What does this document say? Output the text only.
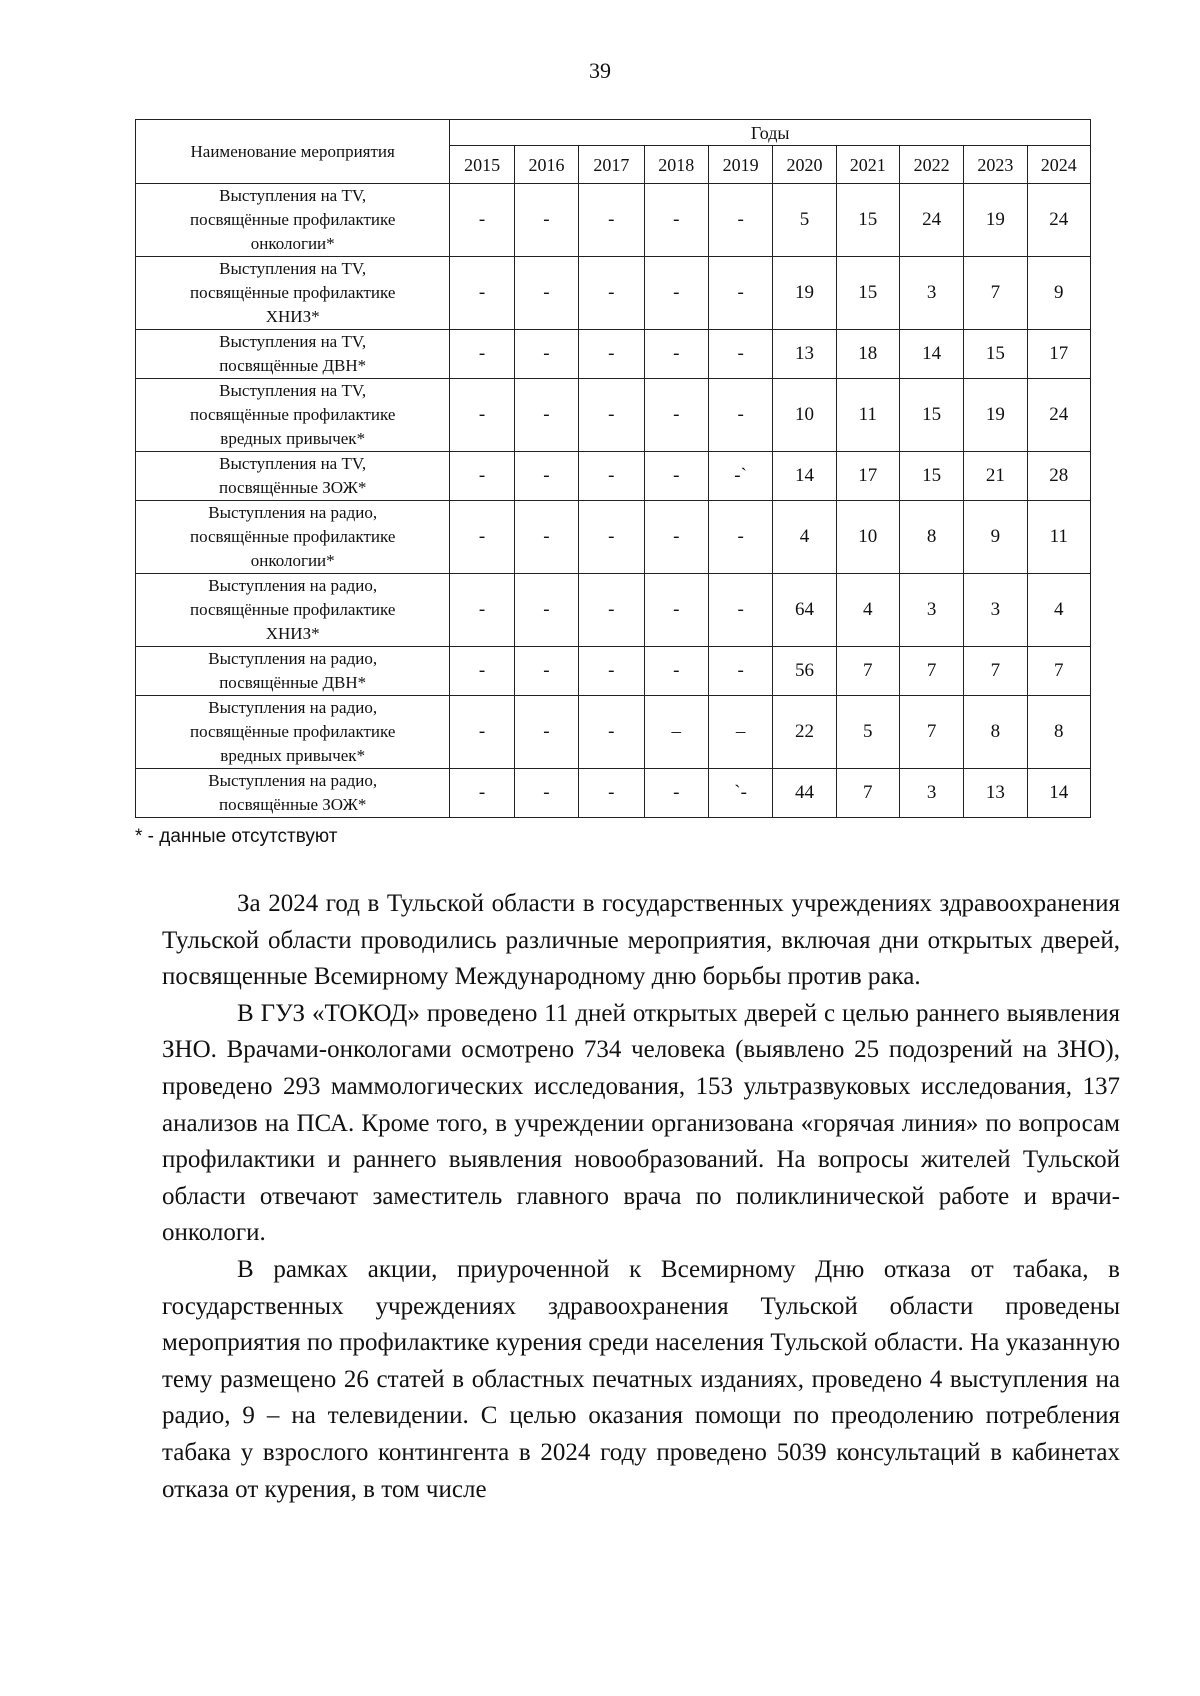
39
Наименование мероприятия	Годы									
	2015	2016	2017	2018	2019	2020	2021	2022	2023	2024

Выступления на TV,
посвящённые профилактике
онкологии*	-	-	-	-	-	5	15	24	19	24

Выступления на TV,
посвящённые профилактике
ХНИЗ*	-	-	-	-	-	19	15	3	7	9

Выступления на TV,
посвящённые ДВН*	-	-	-	-	-	13	18	14	15	17

Выступления на TV,
посвящённые профилактике
вредных привычек*	-	-	-	-	-	10	11	15	19	24

Выступления на TV,
посвящённые ЗОЖ*	-	-	-	-	-`	14	17	15	21	28

Выступления на радио,
посвящённые профилактике
онкологии*	-	-	-	-	-	4	10	8	9	11

Выступления на радио,
посвящённые профилактике
ХНИЗ*	-	-	-	-	-	64	4	3	3	4

Выступления на радио,
посвящённые ДВН*	-	-	-	-	-	56	7	7	7	7

Выступления на радио,
посвящённые профилактике
вредных привычек*	-	-	-	–	–	22	5	7	8	8

Выступления на радио,
посвящённые ЗОЖ*	-	-	-	-	`-	44	7	3	13	14
* - данные отсутствуют

За 2024 год в Тульской области в государственных учреждениях здравоохранения Тульской области проводились различные мероприятия, включая дни открытых дверей, посвященные Всемирному Международному дню борьбы против рака.

В ГУЗ «ТОКОД» проведено 11 дней открытых дверей с целью раннего выявления ЗНО. Врачами-онкологами осмотрено 734 человека (выявлено 25 подозрений на ЗНО), проведено 293 маммологических исследования, 153 ультразвуковых исследования, 137 анализов на ПСА. Кроме того, в учреждении организована «горячая линия» по вопросам профилактики и раннего выявления новообразований. На вопросы жителей Тульской области отвечают заместитель главного врача по поликлинической работе и врачи-онкологи.

В рамках акции, приуроченной к Всемирному Дню отказа от табака, в государственных учреждениях здравоохранения Тульской области проведены мероприятия по профилактике курения среди населения Тульской области. На указанную тему размещено 26 статей в областных печатных изданиях, проведено 4 выступления на радио, 9 – на телевидении. С целью оказания помощи по преодолению потребления табака у взрослого контингента в 2024 году проведено 5039 консультаций в кабинетах отказа от курения, в том числе
